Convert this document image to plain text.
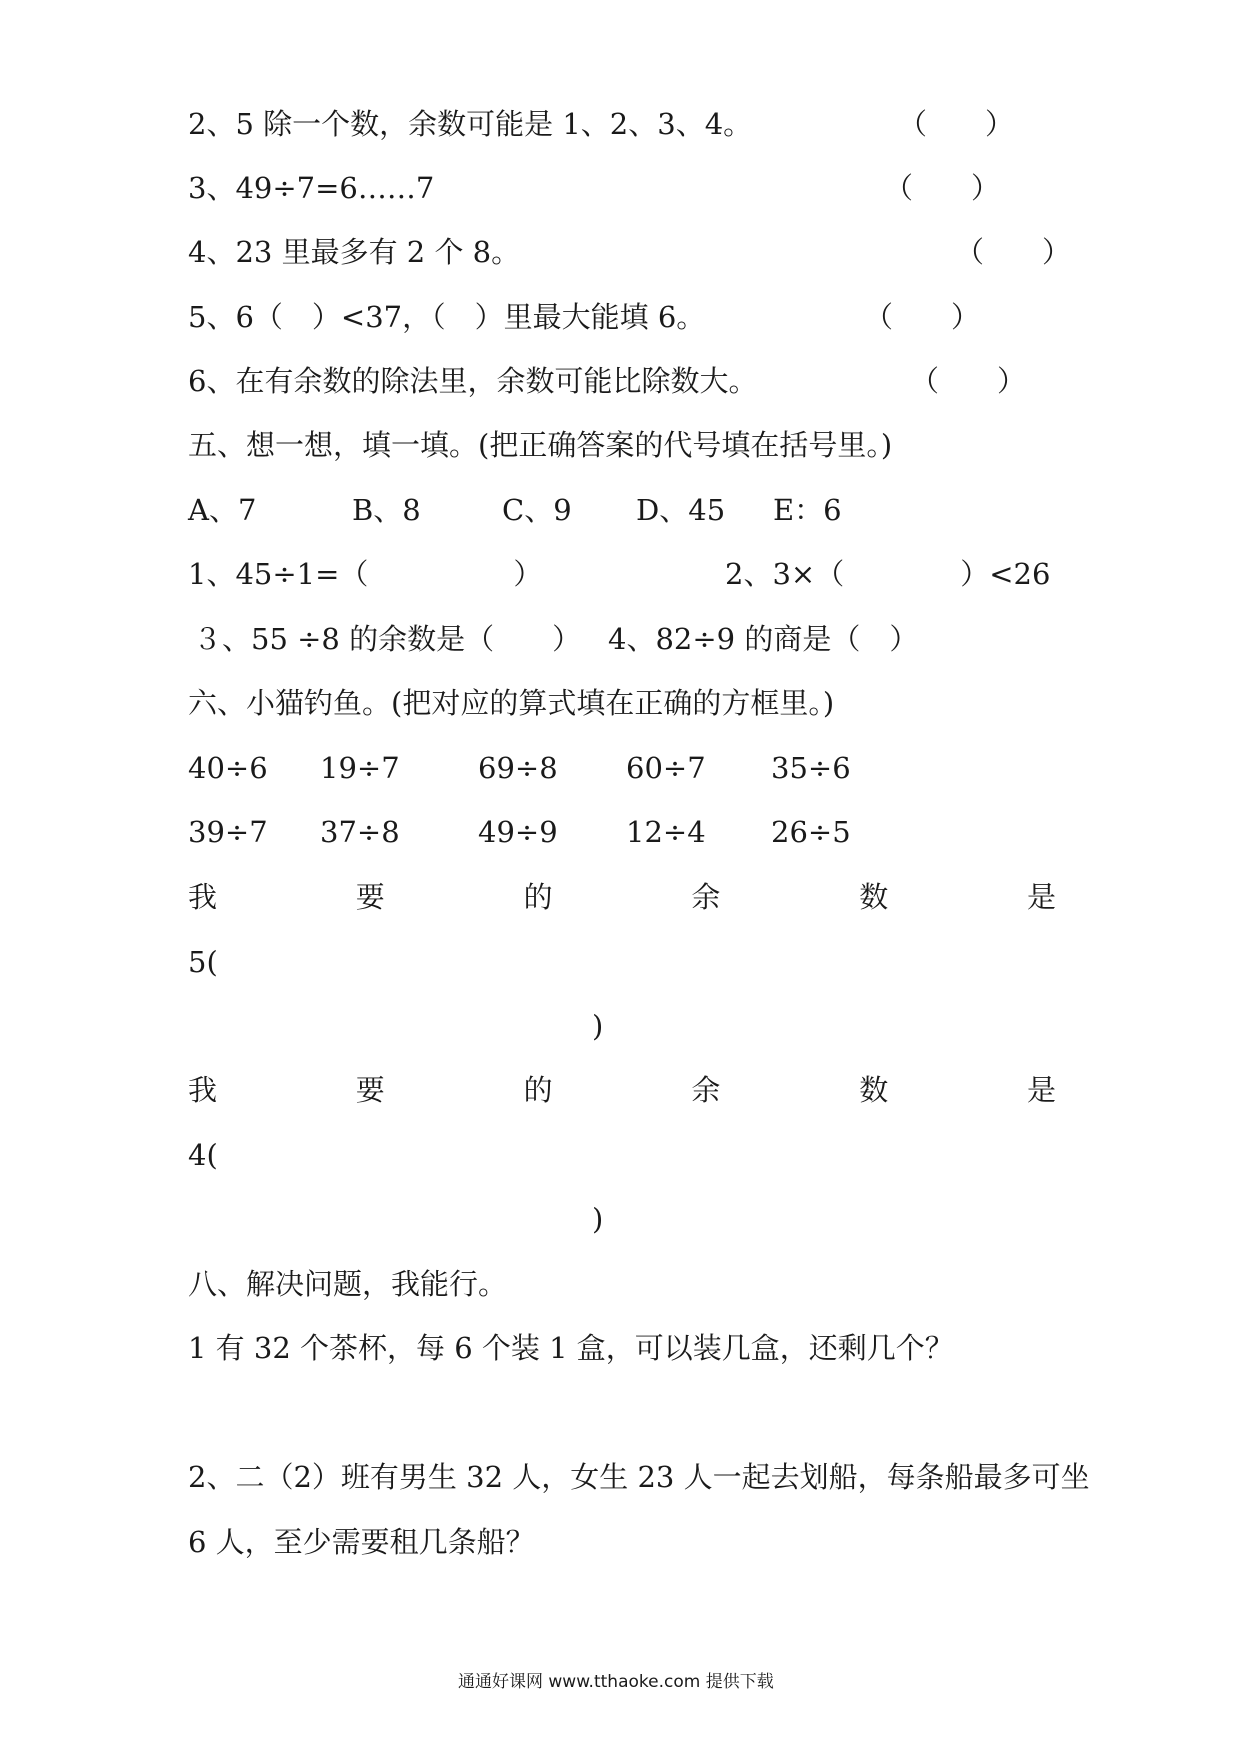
2、5 除一个数，余数可能是 1、2、3、4。	（　　）
3、49÷7=6……7	（　　）
4、23 里最多有 2 个 8。	（　　）
5、6（　）<37，（　）里最大能填 6。	（　　）
6、在有余数的除法里，余数可能比除数大。	（　　）
五、想一想，填一填。(把正确答案的代号填在括号里。)
A、7	B、8	C、9 D、45 E：6
1、45÷1=（　　　　　）	2、3×（　　　　）<26
３、55 ÷8 的余数是（　　） 4、82÷9 的商是（　）
六、小猫钓鱼。(把对应的算式填在正确的方框里。)
40÷6 19÷7	69÷8 60÷7 35÷6
39÷7 37÷8	49÷9 12÷4 26÷5
我	要	的	余	数	是
5(
)
我	要	的	余	数	是
4(
)
八、解决问题，我能行。
1 有 32 个茶杯，每 6 个装 1 盒，可以装几盒，还剩几个？
2、二（2）班有男生 32 人，女生 23 人一起去划船，每条船最多可坐
6 人，至少需要租几条船？
通通好课网 www.tthaoke.com 提供下载
